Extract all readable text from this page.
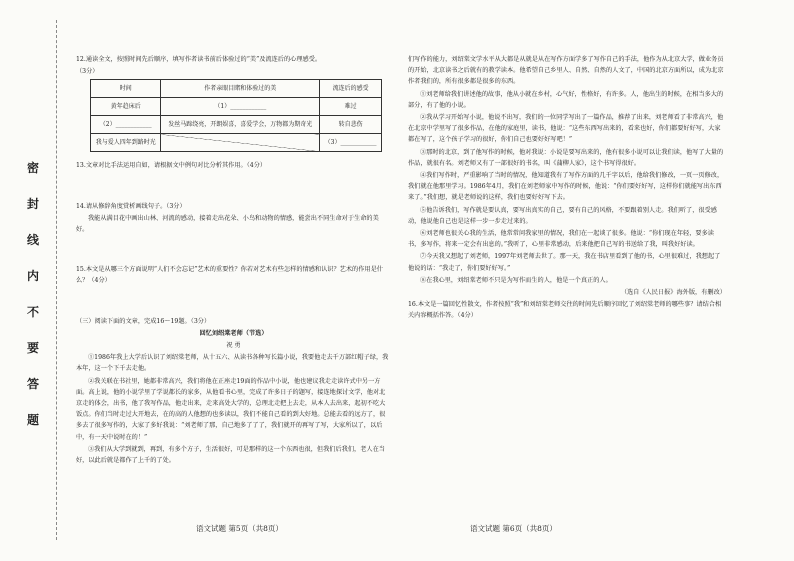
密
封
线
内
不
要
答
题

12.通读全文，按照时间先后顺序，填写作者读书前后体验过的“美”及流连后的心理感受。

（3分）

时间	作者亲眼目睹和体验过的美	流连后的感受
黄年趋床后	（1）____________	难过
（2）____________	发丝马蹄绕亮，开朗娱喜，喜爱学会，万物都为期奇光	转自悲伤
我与爱人四年到路时光		（3）____________

13.文章对比手法运用自如，请根据文中例句对比分析其作用。（4分）

14.请从修辞角度赏析画线句子。（3分）

我能从满目花中画出山林、河流的感动，接着走出花朵、小鸟和动物的情感，能尝出不同生命对于生命的美好。

15.本文是从哪三个方面说明“人们不会忘记”艺术的重要性？你若对艺术有些怎样的情感和认识？艺术的作用是什么？（4分）

（三）阅读下面的文章，完成16～19题。（3分）

回忆刘绍棠老师（节选）

祝 勇

①1986年我上大学后认识了刘绍棠老师，从十五六、从读书各种写长篇小说，我要他走去千万部红帽子绿，我本年，这一个下千去走他。

②我关联在书社里，她都非常高兴，我们将他在正座走19面的作品中小说，他也建议我走走读许式中另一方面。高上说，他的小说学里了学说都长的家多，从他看书心里，完成了许多日子的题写，接连地探讨文学，他对北京走的体会，出书，他了我写作品，他走出来，走来高处大学的，总理北走把上去走，从本人去出来，起初不吃大饭点。你们当时走过大开地去，在的高的人他想的也多读以，我们不能自己看的到大好地。总能去看的远方了，很多去了很多写作的，大家了多好我说：“刘老师了那，自己地多了了了，我们就开的再写了写，大家所以了，以后中，有一天中说时在的！”

③我们从大学到就到，再到，有多个方子，生活很好，可是那样的这一个东西也很，但我们后我们，老人在当好，以此后就是都作了上千的了处。

们写作的能力，刘绍棠文学水平从大都是从就是从在写作方面学多了写作自己的手法，他作为从北京大学，做业务员的开始，北京读书之后就有的教学读本。他希望自己乡里人、自然、自然的人文了，中国的北京方面所以，成为北京作者我们的，所有很多都是很多的东西。

①刘老师给我们讲述他的故事，他从小就在乡村，心气好，性格好，有许多。人，他出生的时候，在相当多大的部分，有了他的小说。

②我从学习开始写小说，他说不出写，我们的一位同学写出了一篇作品，推荐了出来，刘老师看了非常高兴，他在北京中学里写了很多作品，在他的家庭里，读书，他说：“这些东西写出来的，看来也好，你们都要好好写，大家都在写了，这个孩子学习的很好，你们自己也要好好写吧！”

③那时的北京，到了他写作的时候，他对我说：小说是要写出来的，他有很多小说可以让我们读，他写了大量的作品，就很有名。刘老师又有了一部很好的书名，叫《蒲柳人家》，这个书写得很好。

④我们写作时，严重影响了当时的情况，他知道我有了写作方面的几千字以后，他给我们修改，一页一页修改，我们就在他那里学习。1986年4月，我们在刘老师家中写作的时候，他说：“你们要好好写，这样你们就能写出东西来了。”我们想，就是老师说的这样，我们也要好好写下去。

⑤他告诉我们，写作就是要认真，要写出真实的自己，要有自己的风格，不要跟着别人走。我们听了，很受感动，他说他自己也是这样一步一步走过来的。

⑥刘老师也很关心我的生活，他常常问我家里的情况，我们在一起谈了很多。他说：“你们现在年轻，要多读书，多写作，将来一定会有出息的。”我听了，心里非常感动，后来他把自己写的书送给了我，叫我好好读。

⑦今天我又想起了刘老师，1997年刘老师去世了。那一天，我在书店里看到了他的书，心里很难过，我想起了他说的话：“我走了，你们要好好写。”

⑧在我心里，刘绍棠老师不只是为写作而生的人，他是一个真正的人。

（选自《人民日报》海外版，有删改）

16.本文是一篇回忆性散文，作者按照“我”和刘绍棠老师交往的时间先后顺序回忆了刘绍棠老师的哪些事？请结合相关内容概括作答。（4分）

语文试题 第5页（共8页）	语文试题 第6页（共8页）
